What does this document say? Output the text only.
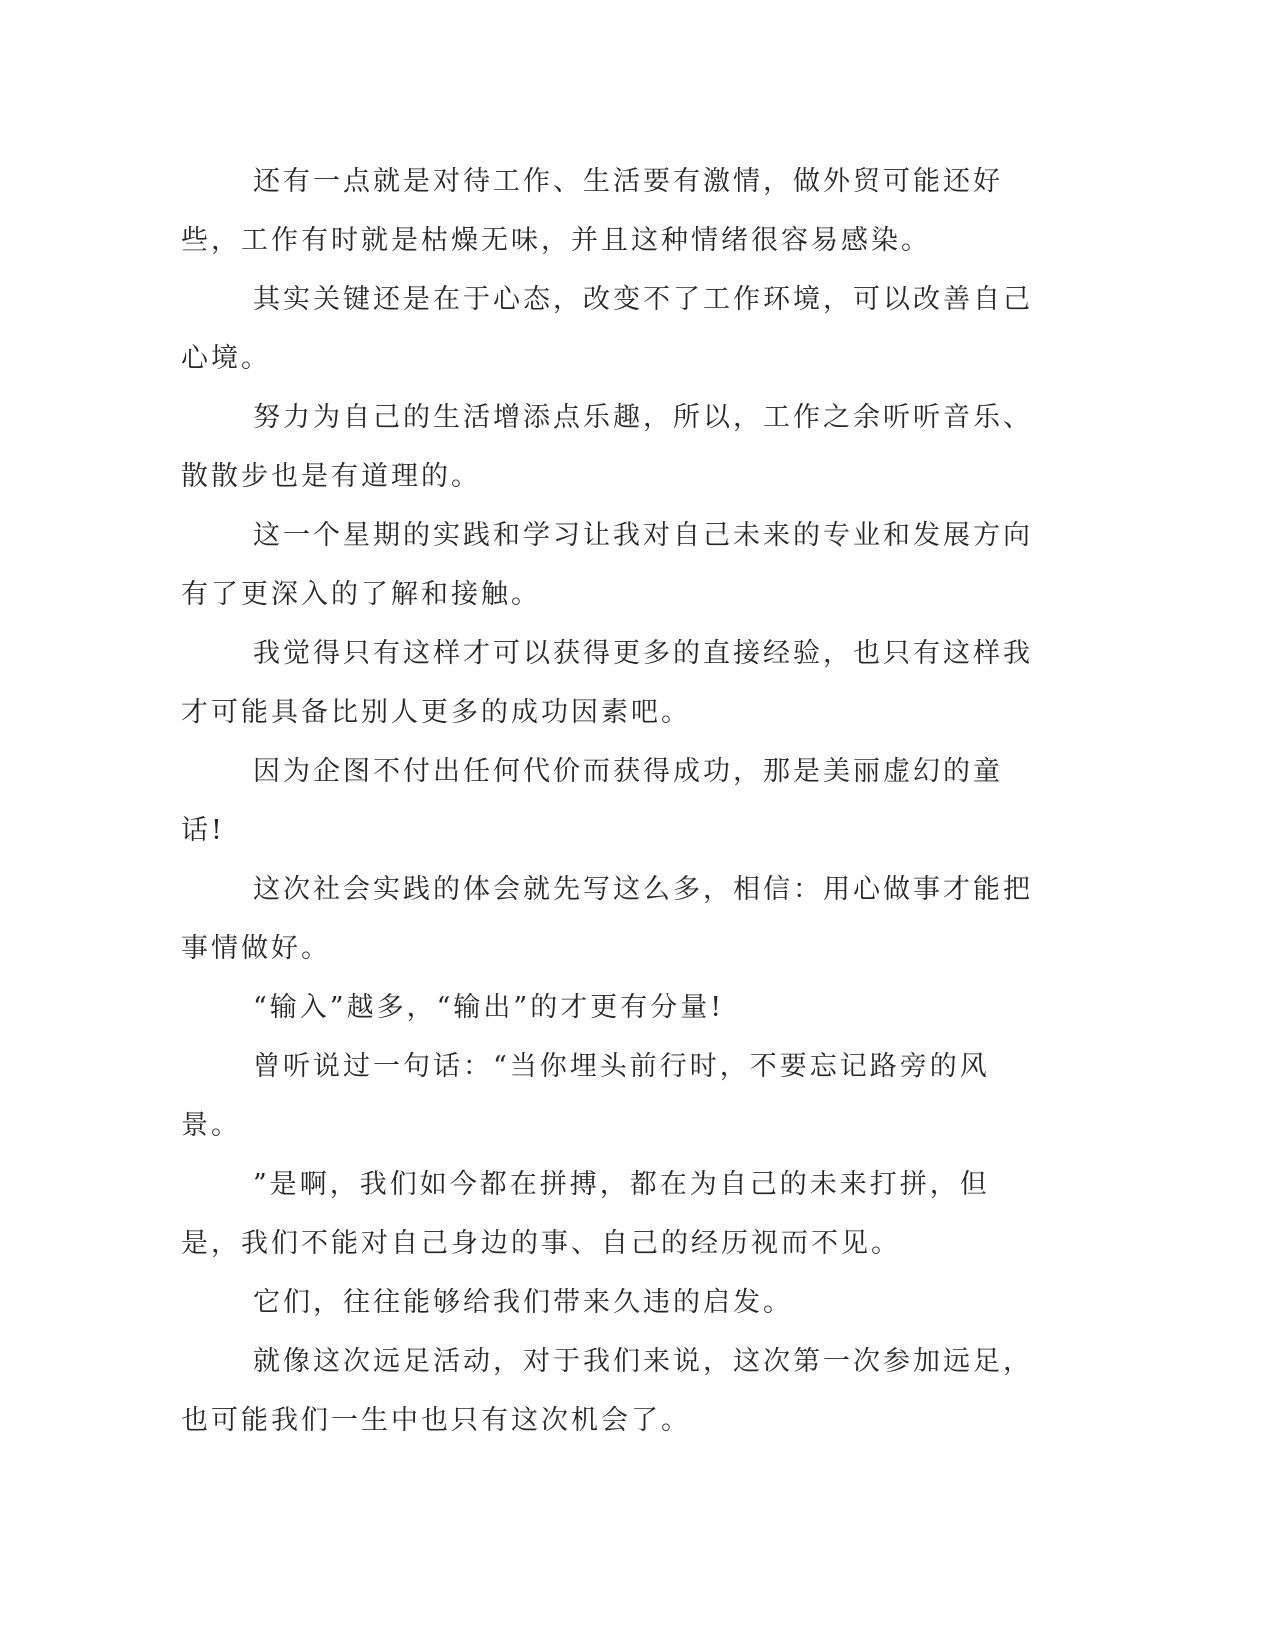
还有一点就是对待工作、生活要有激情，做外贸可能还好些，工作有时就是枯燥无味，并且这种情绪很容易感染。

其实关键还是在于心态，改变不了工作环境，可以改善自己心境。

努力为自己的生活增添点乐趣，所以，工作之余听听音乐、散散步也是有道理的。

这一个星期的实践和学习让我对自己未来的专业和发展方向有了更深入的了解和接触。

我觉得只有这样才可以获得更多的直接经验，也只有这样我才可能具备比别人更多的成功因素吧。

因为企图不付出任何代价而获得成功，那是美丽虚幻的童话!

这次社会实践的体会就先写这么多，相信：用心做事才能把事情做好。

“输入”越多，“输出”的才更有分量!

曾听说过一句话：“当你埋头前行时，不要忘记路旁的风景。

”是啊，我们如今都在拼搏，都在为自己的未来打拼，但是，我们不能对自己身边的事、自己的经历视而不见。

它们，往往能够给我们带来久违的启发。

就像这次远足活动，对于我们来说，这次第一次参加远足，也可能我们一生中也只有这次机会了。
